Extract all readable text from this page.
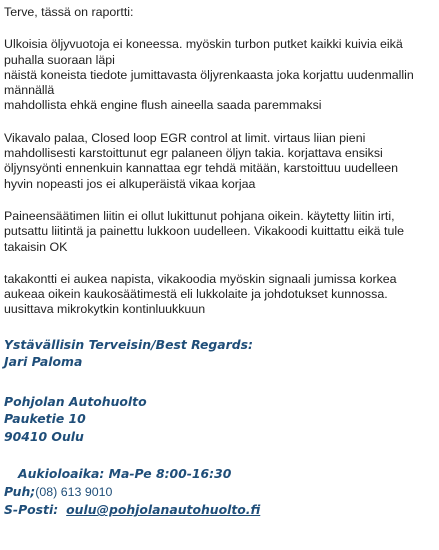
Terve, tässä on raportti:

Ulkoisia öljyvuotoja ei koneessa. myöskin turbon putket kaikki kuivia eikä
puhalla suoraan läpi
näistä koneista tiedote jumittavasta öljyrenkaasta joka korjattu uudenmallin
männällä
mahdollista ehkä engine flush aineella saada paremmaksi

Vikavalo palaa, Closed loop EGR control at limit. virtaus liian pieni
mahdollisesti karstoittunut egr palaneen öljyn takia. korjattava ensiksi
öljynsyönti ennenkuin kannattaa egr tehdä mitään, karstoittuu uudelleen
hyvin nopeasti jos ei alkuperäistä vikaa korjaa

Paineensäätimen liitin ei ollut lukittunut pohjana oikein. käytetty liitin irti,
putsattu liitintä ja painettu lukkoon uudelleen. Vikakoodi kuittattu eikä tule
takaisin OK

takakontti ei aukea napista, vikakoodia myöskin signaali jumissa korkea
aukeaa oikein kaukosäätimestä eli lukkolaite ja johdotukset kunnossa.
uusittava mikrokytkin kontinluukkuun

Ystävällisin Terveisin/Best Regards:
Jari Paloma
Pohjolan Autohuolto
Pauketie 10
90410 Oulu
Aukioloaika: Ma-Pe 8:00-16:30
Puh;(08) 613 9010
S-Posti: oulu@pohjolanautohuolto.fi
